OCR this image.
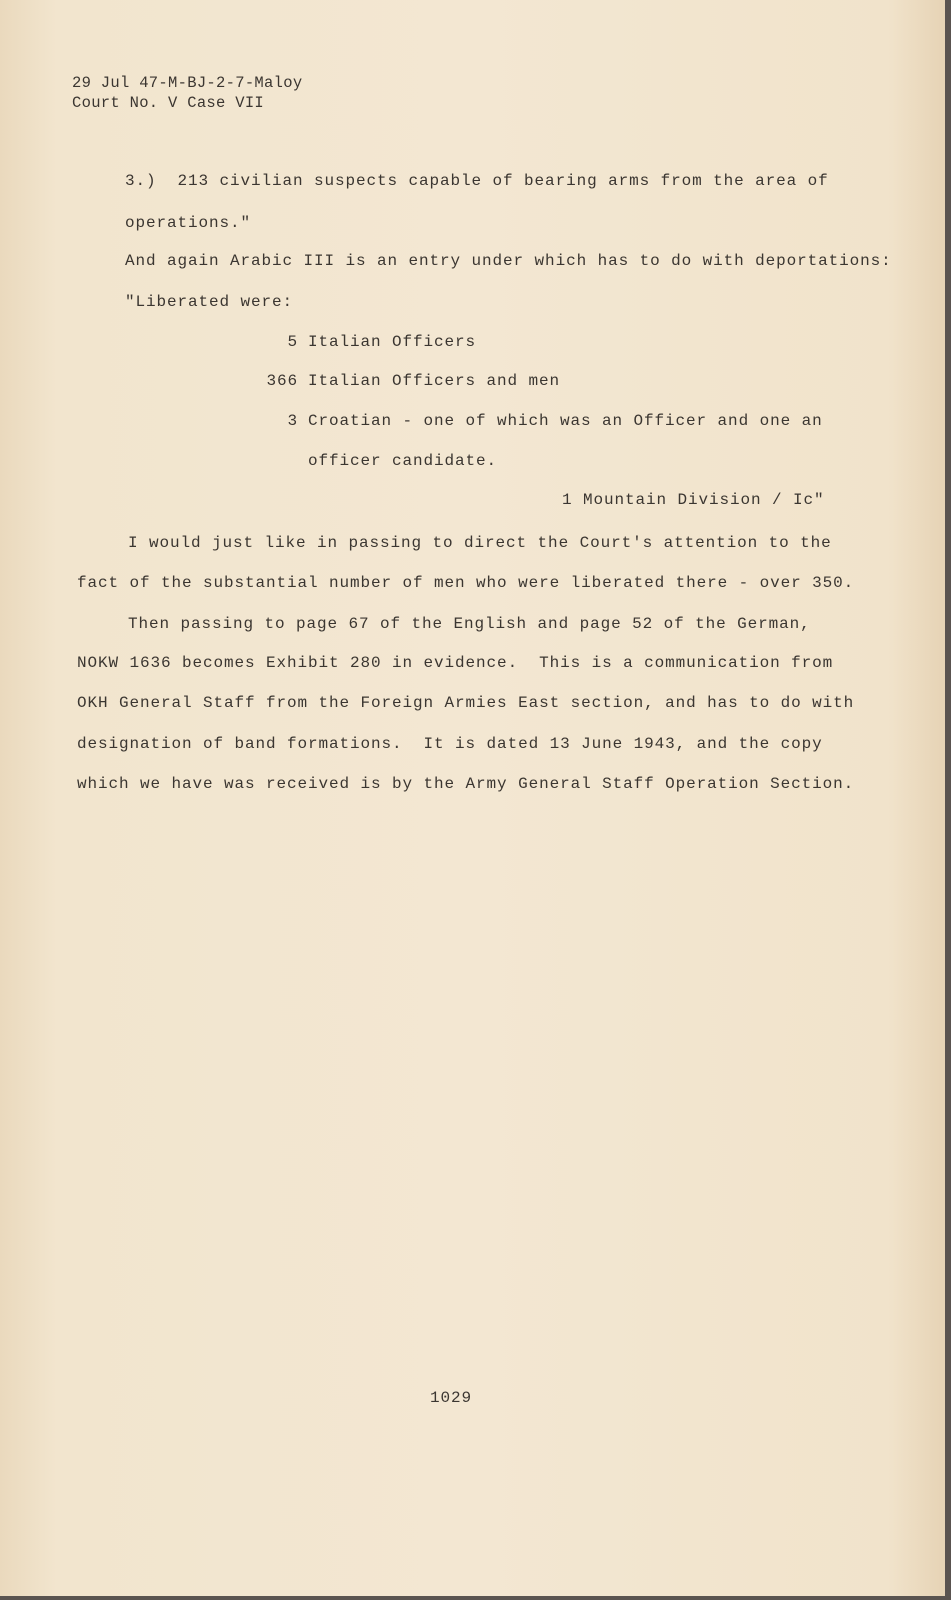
29 Jul 47-M-BJ-2-7-Maloy
Court No. V Case VII
3.)  213 civilian suspects capable of bearing arms from the area of
operations."
And again Arabic III is an entry under which has to do with deportations:
"Liberated were:
5 Italian Officers
366 Italian Officers and men
3 Croatian - one of which was an Officer and one an
officer candidate.
1 Mountain Division / Ic"
I would just like in passing to direct the Court's attention to the
fact of the substantial number of men who were liberated there - over 350.
Then passing to page 67 of the English and page 52 of the German,
NOKW 1636 becomes Exhibit 280 in evidence.  This is a communication from
OKH General Staff from the Foreign Armies East section, and has to do with
designation of band formations.  It is dated 13 June 1943, and the copy
which we have was received is by the Army General Staff Operation Section.
1029
